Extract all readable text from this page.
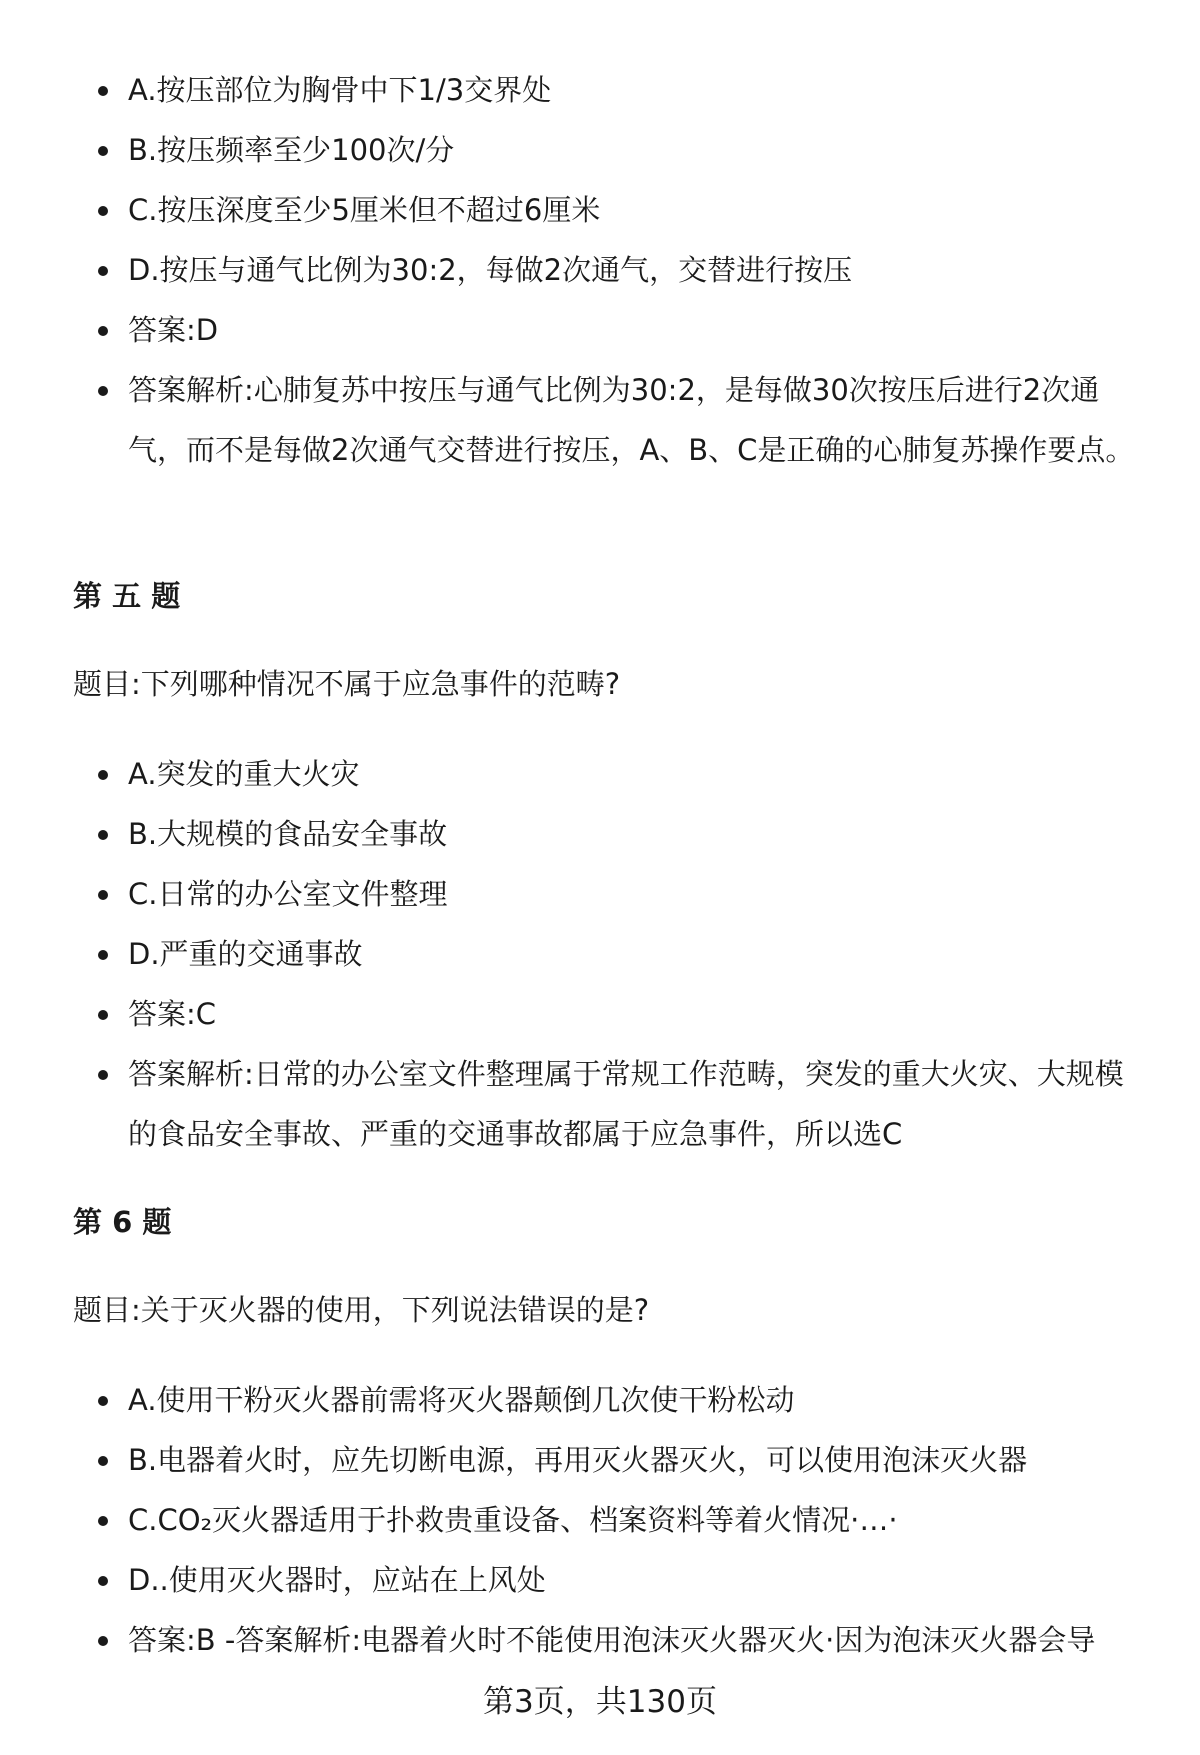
A.按压部位为胸骨中下1/3交界处
B.按压频率至少100次/分
C.按压深度至少5厘米但不超过6厘米
D.按压与通气比例为30:2，每做2次通气，交替进行按压
答案:D
答案解析:心肺复苏中按压与通气比例为30:2，是每做30次按压后进行2次通气，而不是每做2次通气交替进行按压，A、B、C是正确的心肺复苏操作要点。
第 五 题

题目:下列哪种情况不属于应急事件的范畴?

A.突发的重大火灾
B.大规模的食品安全事故
C.日常的办公室文件整理
D.严重的交通事故
答案:C
答案解析:日常的办公室文件整理属于常规工作范畴，突发的重大火灾、大规模的食品安全事故、严重的交通事故都属于应急事件，所以选C
第 6 题

题目:关于灭火器的使用，下列说法错误的是?

A.使用干粉灭火器前需将灭火器颠倒几次使干粉松动
B.电器着火时，应先切断电源，再用灭火器灭火，可以使用泡沫灭火器
C.CO₂灭火器适用于扑救贵重设备、档案资料等着火情况·…·
D..使用灭火器时，应站在上风处
答案:B -答案解析:电器着火时不能使用泡沫灭火器灭火·因为泡沫灭火器会导
第3页，共130页
